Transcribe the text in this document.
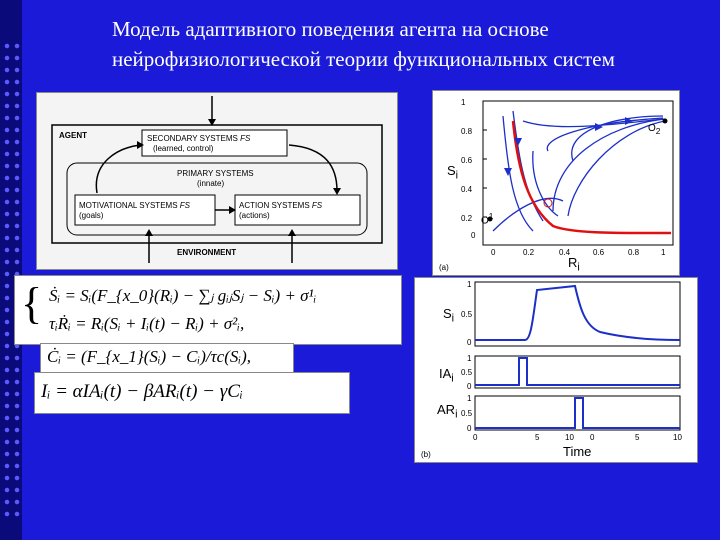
Модель адаптивного поведения агента на основе
нейрофизиологической теории функциональных систем
AGENT	SECONDARY SYSTEMS FS
(learned, control)
PRIMARY SYSTEMS
(innate)
MOTIVATIONAL SYSTEMS FS
(goals)
ACTION SYSTEMS FS
(actions)
ENVIRONMENT
{ Ṡᵢ = Sᵢ(F_{x_0}(Rᵢ) − ∑ⱼ gᵢⱼSⱼ − Sᵢ) + σ¹ᵢ
τᵢṘᵢ = Rᵢ(Sᵢ + Iᵢ(t) − Rᵢ) + σ²ᵢ,
Ċᵢ = (F_{x_1}(Sᵢ) − Cᵢ)/τc(Sᵢ),
Iᵢ = αIAᵢ(t) − βARᵢ(t) − γCᵢ
1
0.8
0.6
0.4
0.2
0
0	0.2	0.4	0.6	0.8	1
$S_i$
$R_i$
$O^1$
$O_2$
(a)
1
0.5
0
1
0.5
0
1
0.5
0
0	5	10 0	5	10
$S_i$
$IA_i$
$AR_i$
Time
(b)
